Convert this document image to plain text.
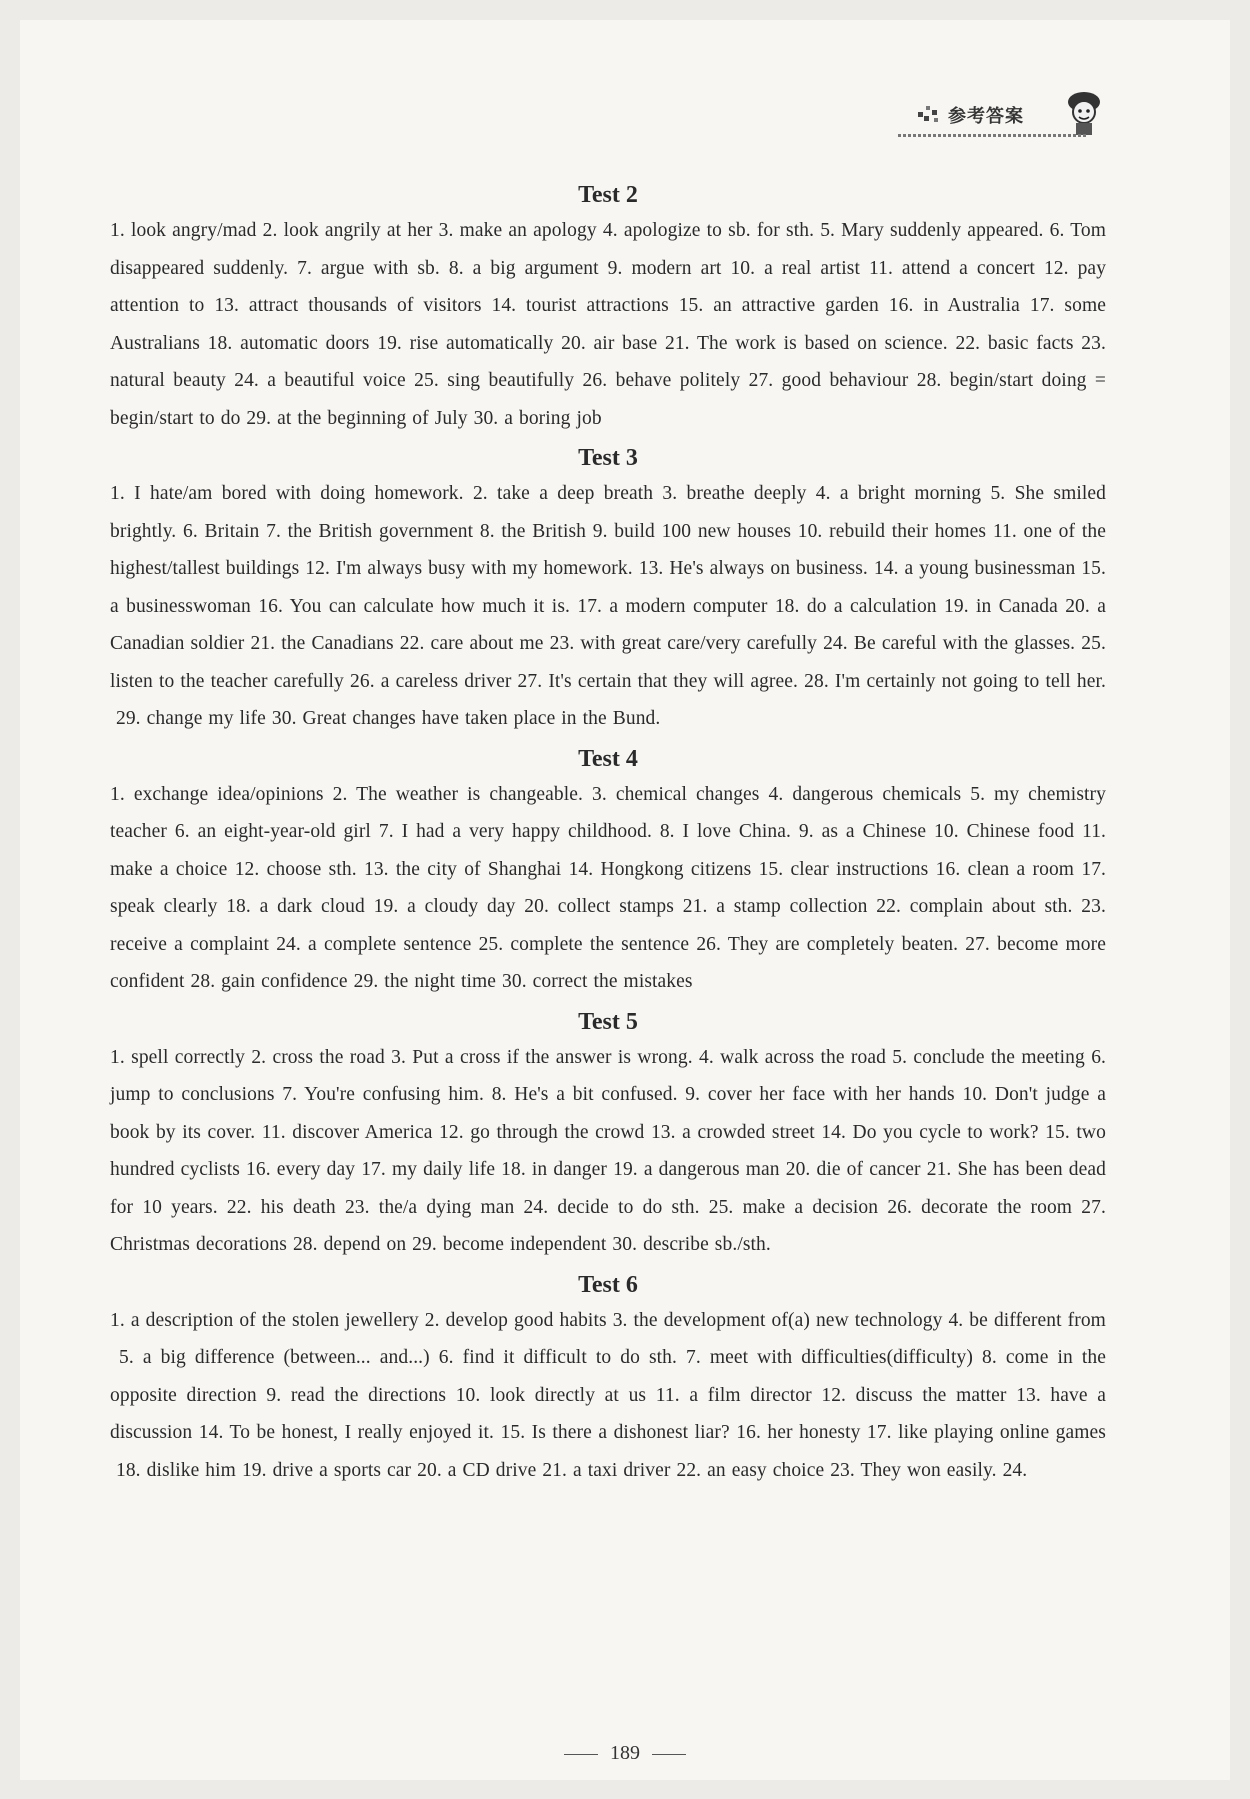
参考答案
Test 2

1. look angry/mad 2. look angrily at her 3. make an apology 4. apologize to sb. for sth. 5. Mary suddenly appeared. 6. Tom disappeared suddenly. 7. argue with sb. 8. a big argument 9. modern art 10. a real artist 11. attend a concert 12. pay attention to 13. attract thousands of visitors 14. tourist attractions 15. an attractive garden 16. in Australia 17. some Australians 18. automatic doors 19. rise automatically 20. air base 21. The work is based on science. 22. basic facts 23. natural beauty 24. a beautiful voice 25. sing beautifully 26. behave politely 27. good behaviour 28. begin/start doing = begin/start to do 29. at the beginning of July 30. a boring job

Test 3

1. I hate/am bored with doing homework. 2. take a deep breath 3. breathe deeply 4. a bright morning 5. She smiled brightly. 6. Britain 7. the British government 8. the British 9. build 100 new houses 10. rebuild their homes 11. one of the highest/tallest buildings 12. I'm always busy with my homework. 13. He's always on business. 14. a young businessman 15. a businesswoman 16. You can calculate how much it is. 17. a modern computer 18. do a calculation 19. in Canada 20. a Canadian soldier 21. the Canadians 22. care about me 23. with great care/very carefully 24. Be careful with the glasses. 25. listen to the teacher carefully 26. a careless driver 27. It's certain that they will agree. 28. I'm certainly not going to tell her.29. change my life 30. Great changes have taken place in the Bund.

Test 4

1. exchange idea/opinions 2. The weather is changeable. 3. chemical changes 4. dangerous chemicals 5. my chemistry teacher 6. an eight-year-old girl 7. I had a very happy childhood. 8. I love China. 9. as a Chinese 10. Chinese food 11. make a choice 12. choose sth. 13. the city of Shanghai 14. Hongkong citizens 15. clear instructions 16. clean a room 17. speak clearly 18. a dark cloud 19. a cloudy day 20. collect stamps 21. a stamp collection 22. complain about sth. 23. receive a complaint 24. a complete sentence 25. complete the sentence 26. They are completely beaten. 27. become more confident 28. gain confidence 29. the night time 30. correct the mistakes

Test 5

1. spell correctly 2. cross the road 3. Put a cross if the answer is wrong. 4. walk across the road 5. conclude the meeting 6. jump to conclusions 7. You're confusing him. 8. He's a bit confused. 9. cover her face with her hands 10. Don't judge a book by its cover. 11. discover America 12. go through the crowd 13. a crowded street 14. Do you cycle to work? 15. two hundred cyclists 16. every day 17. my daily life 18. in danger 19. a dangerous man 20. die of cancer 21. She has been dead for 10 years. 22. his death 23. the/a dying man 24. decide to do sth. 25. make a decision 26. decorate the room 27. Christmas decorations 28. depend on 29. become independent 30. describe sb./sth.

Test 6

1. a description of the stolen jewellery 2. develop good habits 3. the development of(a) new technology 4. be different from5. a big difference (between... and...) 6. find it difficult to do sth. 7. meet with difficulties(difficulty) 8. come in the opposite direction 9. read the directions 10. look directly at us 11. a film director 12. discuss the matter 13. have a discussion 14. To be honest, I really enjoyed it. 15. Is there a dishonest liar? 16. her honesty 17. like playing online games18. dislike him 19. drive a sports car 20. a CD drive 21. a taxi driver 22. an easy choice 23. They won easily. 24.

189
